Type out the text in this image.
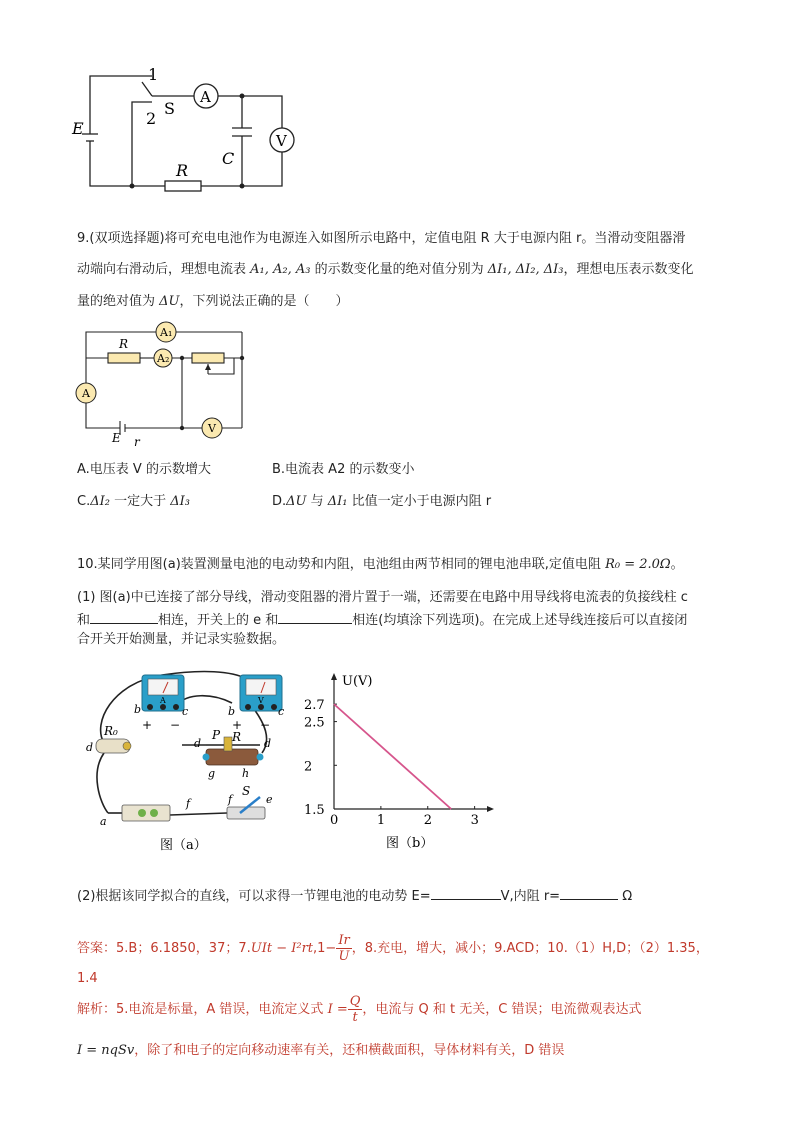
1
2
S
A
V
E
C
R
9.(双项选择题)将可充电电池作为电源连入如图所示电路中，定值电阻 R 大于电源内阻 r。当滑动变阻器滑
动端向右滑动后，理想电流表 A₁, A₂, A₃ 的示数变化量的绝对值分别为 ΔI₁, ΔI₂, ΔI₃，理想电压表示数变化
量的绝对值为 ΔU，下列说法正确的是（　　）
A₁
A₂
A
V
R
E r
A.电压表 V 的示数增大	B.电流表 A2 的示数变小
C.ΔI₂ 一定大于 ΔI₃	D.ΔU 与 ΔI₁ 比值一定小于电源内阻 r
10.某同学用图(a)装置测量电池的电动势和内阻，电池组由两节相同的锂电池串联,定值电阻 R₀ = 2.0Ω。
(1) 图(a)中已连接了部分导线，滑动变阻器的滑片置于一端，还需要在电路中用导线将电流表的负接线柱 c
和	相连，开关上的 e 和	相连(均填涂下列选项)。在完成上述导线连接后可以直接闭
合开关开始测量，并记录实验数据。
A	V
R₀
d
b	c
+ −
b	c
+ −
P R
d	d
g h
a
f	f
S
e
图（a）
0	1	2	3
1.5
2
2.5
2.7
U(V)
图（b）
(2)根据该同学拟合的直线，可以求得一节锂电池的电动势 E=	V,内阻 r=	Ω
答案：5.B；6.1850，37；$7.UIt - I^2rt,1- \frac{Ir}{U}$ ，8.充电，增大，减小；9.ACD；10.（1）H,D；（2）1.35，
1.4
解析：5.电流是标量，A 错误，电流定义式 $I = \frac{Q}{t}$ ，电流与 Q 和 t 无关，C 错误；电流微观表达式
I = nqSv，除了和电子的定向移动速率有关，还和横截面积，导体材料有关，D 错误
